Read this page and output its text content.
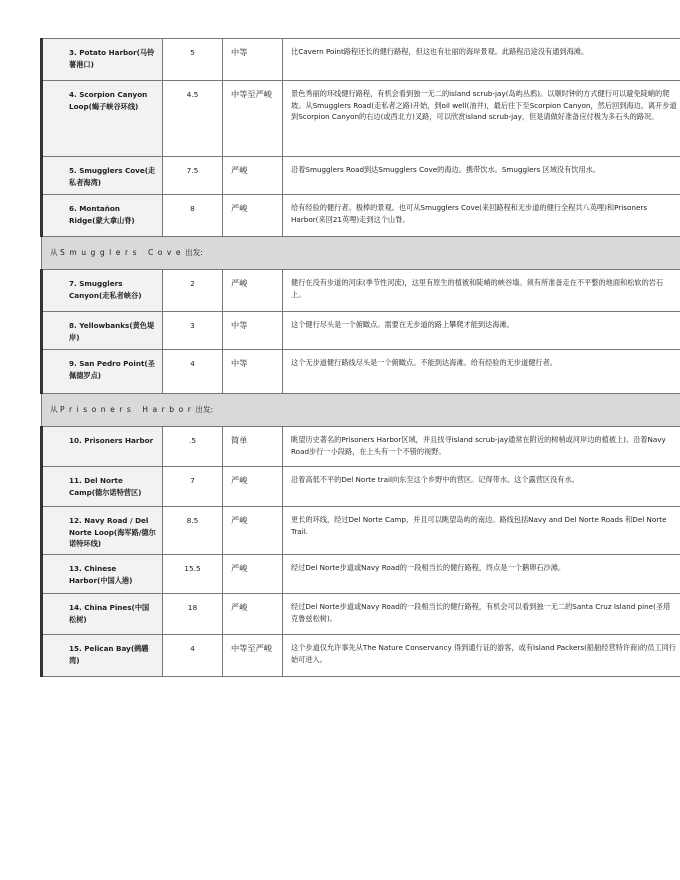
3. Potato Harbor(马铃薯港口)	5	中等	比Cavern Point路程还长的健行路程，但这也有壮丽的海岸景观。此路程沿途没有通到海滩。

4. Scorpion Canyon Loop(蝎子峡谷环线)	4.5	中等至严峻	景色秀丽的环线健行路程，有机会看到独一无二的island scrub-jay(岛屿丛鸦)。以顺时钟的方式健行可以避免陡峭的爬坡。从Smugglers Road(走私者之路)开始，到oil well(油井)，最后往下至Scorpion Canyon，然后回到海边。离开步道到Scorpion Canyon的右边(或西北方)叉路，可以欣赏island scrub-jay，但是请做好准备应付极为多石头的路况。

5. Smugglers Cove(走私者海湾)	7.5	严峻	沿着Smugglers Road到达Smugglers Cove的海边。携带饮水。Smugglers 区域没有饮用水。

6. Montañon Ridge(蒙大拿山脊)	8	严峻	给有经验的健行者。极棒的景观。也可从Smugglers Cove(来回路程和无步道的健行全程共八英哩)和Prisoners Harbor(来回21英哩)走到这个山脊。
从 Smugglers Cove出发:			

7. Smugglers Canyon(走私者峡谷)	2	严峻	健行在没有步道的河床(季节性河流)，这里有原生的植被和陡峭的峡谷墙。须有所准备走在不平整的地面和松软的岩石上。

8. Yellowbanks(黄色堤岸)	3	中等	这个健行尽头是一个俯瞰点。需要在无步道的路上攀爬才能到达海滩。

9. San Pedro Point(圣佩德罗点)	4	中等	这个无步道健行路线尽头是一个俯瞰点。不能到达海滩。给有经验的无步道健行者。
从 Prisoners Harbor出发:			

10. Prisoners Harbor	.5	简单	眺望历史著名的Prisoners Harbor区域，并且找寻island scrub-jay通常在附近的树梢或河岸边的植被上)。沿着Navy Road步行一小段路，在上头有一个不错的视野。

11. Del Norte Camp(德尔诺特营区)	7	严峻	沿着高低不平的Del Norte trail向东至这个乡野中的营区。记得带水。这个露营区没有水。

12. Navy Road / Del Norte Loop(海军路/德尔诺特环线)	8.5	严峻	更长的环线，经过Del Norte Camp，并且可以眺望岛屿的南边。路线包括Navy and Del Norte Roads 和Del Norte Trail.

13. Chinese Harbor(中国人港)	15.5	严峻	经过Del Norte步道或Navy Road的一段相当长的健行路程，终点是一个鹅卵石沙滩。

14. China Pines(中国松树)	18	严峻	经过Del Norte步道或Navy Road的一段相当长的健行路程，有机会可以看到独一无二的Santa Cruz Island pine(圣塔克鲁兹松树)。

15. Pelican Bay(鹈鹕湾)	4	中等至严峻	这个步道仅允许事先从The Nature Conservancy 得到通行证的游客，或有Island Packers(船舶经营特许商)的员工同行始可进入。
